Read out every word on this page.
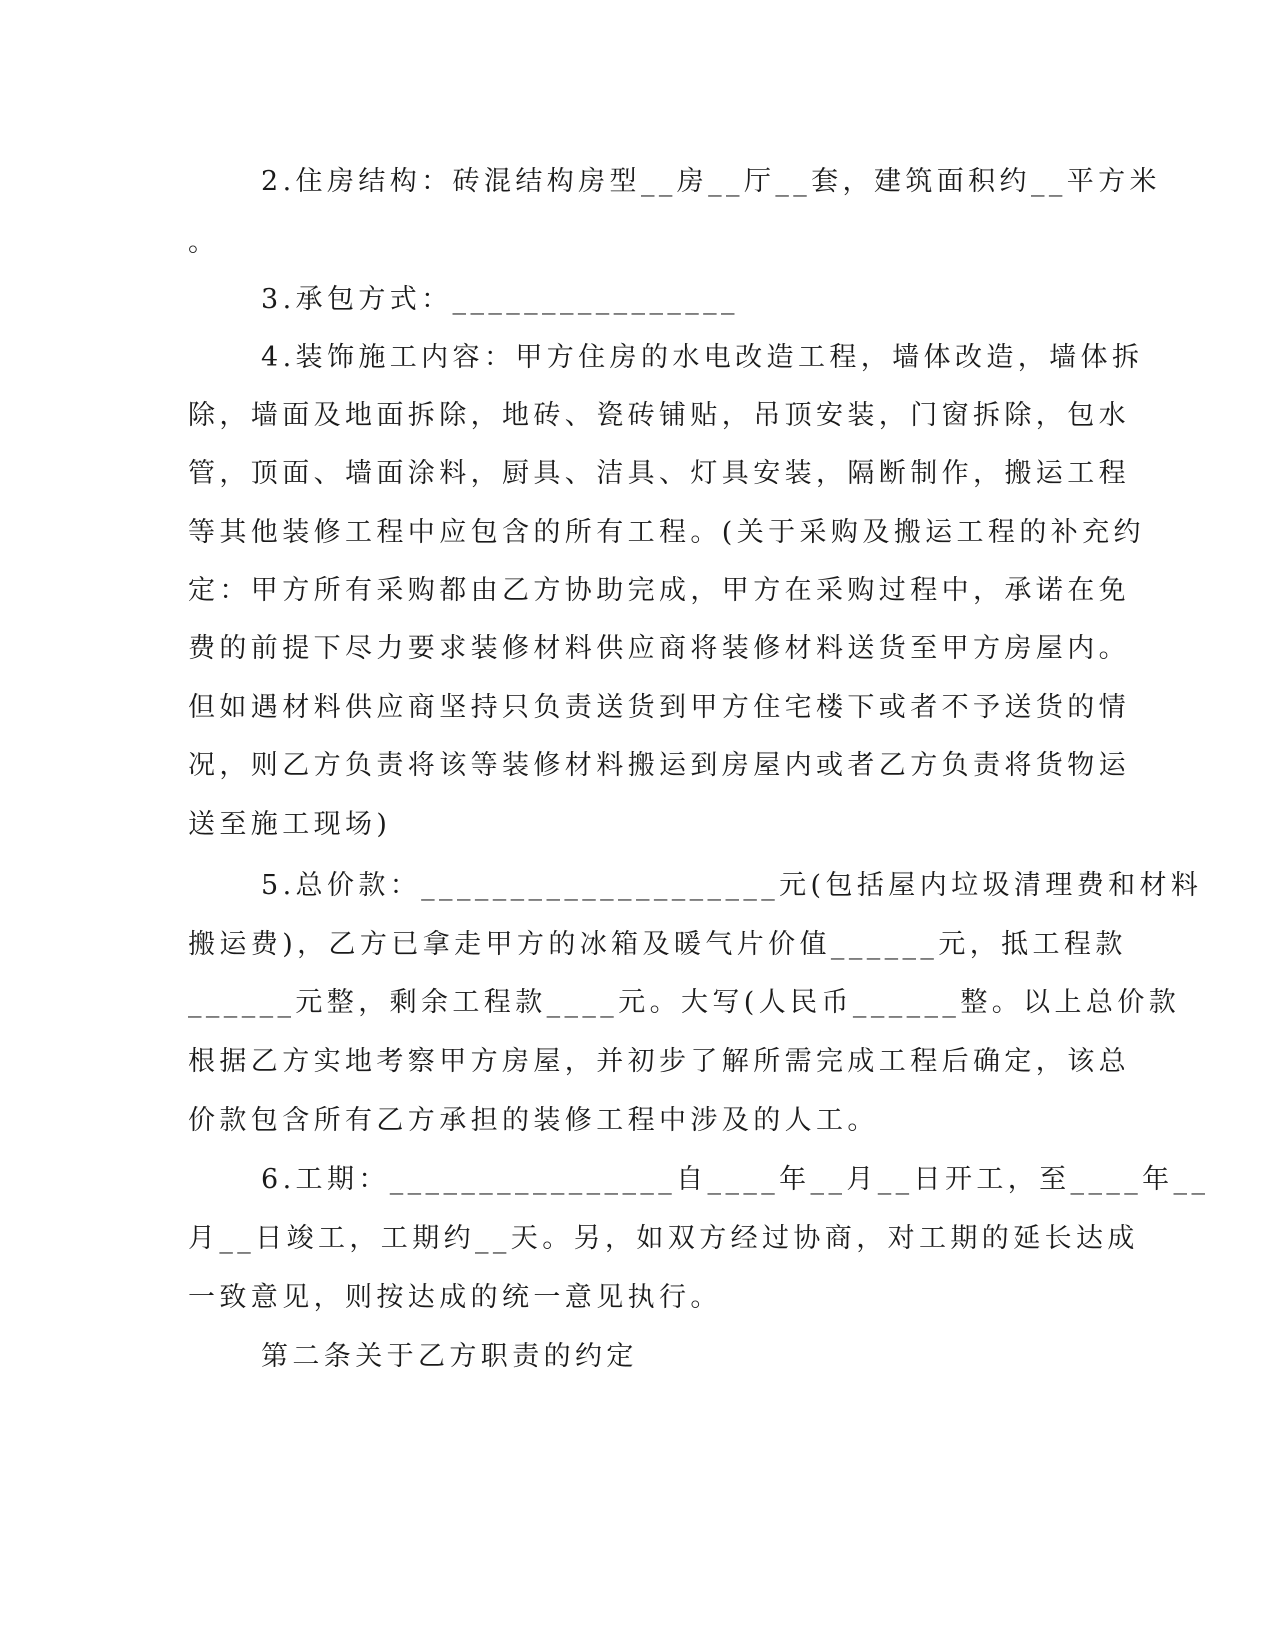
2.住房结构：砖混结构房型__房__厅__套，建筑面积约__平方米
。
3.承包方式：________________
4.装饰施工内容：甲方住房的水电改造工程，墙体改造，墙体拆
除，墙面及地面拆除，地砖、瓷砖铺贴，吊顶安装，门窗拆除，包水
管，顶面、墙面涂料，厨具、洁具、灯具安装，隔断制作，搬运工程
等其他装修工程中应包含的所有工程。(关于采购及搬运工程的补充约
定：甲方所有采购都由乙方协助完成，甲方在采购过程中，承诺在免
费的前提下尽力要求装修材料供应商将装修材料送货至甲方房屋内。
但如遇材料供应商坚持只负责送货到甲方住宅楼下或者不予送货的情
况，则乙方负责将该等装修材料搬运到房屋内或者乙方负责将货物运
送至施工现场)
5.总价款：____________________元(包括屋内垃圾清理费和材料
搬运费)，乙方已拿走甲方的冰箱及暖气片价值______元，抵工程款
______元整，剩余工程款____元。大写(人民币______整。以上总价款
根据乙方实地考察甲方房屋，并初步了解所需完成工程后确定，该总
价款包含所有乙方承担的装修工程中涉及的人工。
6.工期：________________自____年__月__日开工，至____年__
月__日竣工，工期约__天。另，如双方经过协商，对工期的延长达成
一致意见，则按达成的统一意见执行。
第二条关于乙方职责的约定
